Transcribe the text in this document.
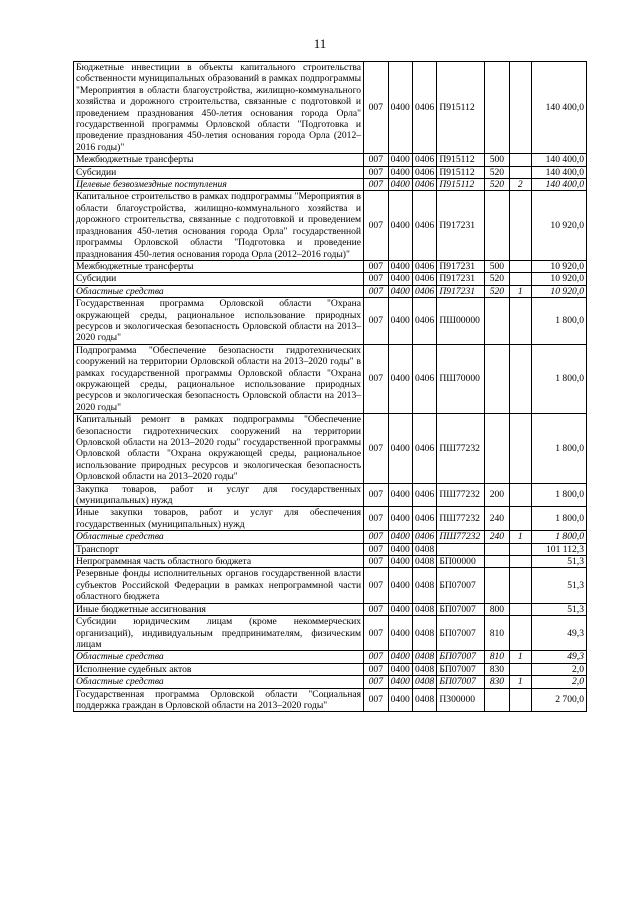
11
Бюджетные инвестиции в объекты капитального строительства собственности муниципальных образований в рамках подпрограммы "Мероприятия в области благоустройства, жилищно-коммунального хозяйства и дорожного строительства, связанные с подготовкой и проведением празднования 450-летия основания города Орла" государственной программы Орловской области "Подготовка и проведение празднования 450-летия основания города Орла (2012–2016 годы)"	007	0400	0406	П915112			140 400,0
Межбюджетные трансферты	007	0400	0406	П915112	500		140 400,0
Субсидии	007	0400	0406	П915112	520		140 400,0
Целевые безвозмездные поступления	007	0400	0406	П915112	520	2	140 400,0
Капитальное строительство в рамках подпрограммы "Мероприятия в области благоустройства, жилищно-коммунального хозяйства и дорожного строительства, связанные с подготовкой и проведением празднования 450-летия основания города Орла" государственной программы Орловской области "Подготовка и проведение празднования 450-летия основания города Орла (2012–2016 годы)"	007	0400	0406	П917231			10 920,0
Межбюджетные трансферты	007	0400	0406	П917231	500		10 920,0
Субсидии	007	0400	0406	П917231	520		10 920,0
Областные средства	007	0400	0406	П917231	520	1	10 920,0
Государственная программа Орловской области "Охрана окружающей среды, рациональное использование природных ресурсов и экологическая безопасность Орловской области на 2013–2020 годы"	007	0400	0406	ПШ00000			1 800,0
Подпрограмма "Обеспечение безопасности гидротехнических сооружений на территории Орловской области на 2013–2020 годы" в рамках государственной программы Орловской области "Охрана окружающей среды, рациональное использование природных ресурсов и экологическая безопасность Орловской области на 2013–2020 годы"	007	0400	0406	ПШ70000			1 800,0
Капитальный ремонт в рамках подпрограммы "Обеспечение безопасности гидротехнических сооружений на территории Орловской области на 2013–2020 годы" государственной программы Орловской области "Охрана окружающей среды, рациональное использование природных ресурсов и экологическая безопасность Орловской области на 2013–2020 годы"	007	0400	0406	ПШ77232			1 800,0
Закупка товаров, работ и услуг для государственных (муниципальных) нужд	007	0400	0406	ПШ77232	200		1 800,0
Иные закупки товаров, работ и услуг для обеспечения государственных (муниципальных) нужд	007	0400	0406	ПШ77232	240		1 800,0
Областные средства	007	0400	0406	ПШ77232	240	1	1 800,0
Транспорт	007	0400	0408				101 112,3
Непрограммная часть областного бюджета	007	0400	0408	БП00000			51,3
Резервные фонды исполнительных органов государственной власти субъектов Российской Федерации в рамках непрограммной части областного бюджета	007	0400	0408	БП07007			51,3
Иные бюджетные ассигнования	007	0400	0408	БП07007	800		51,3
Субсидии юридическим лицам (кроме некоммерческих организаций), индивидуальным предпринимателям, физическим лицам	007	0400	0408	БП07007	810		49,3
Областные средства	007	0400	0408	БП07007	810	1	49,3
Исполнение судебных актов	007	0400	0408	БП07007	830		2,0
Областные средства	007	0400	0408	БП07007	830	1	2,0
Государственная программа Орловской области "Социальная поддержка граждан в Орловской области на 2013–2020 годы"	007	0400	0408	П300000			2 700,0
